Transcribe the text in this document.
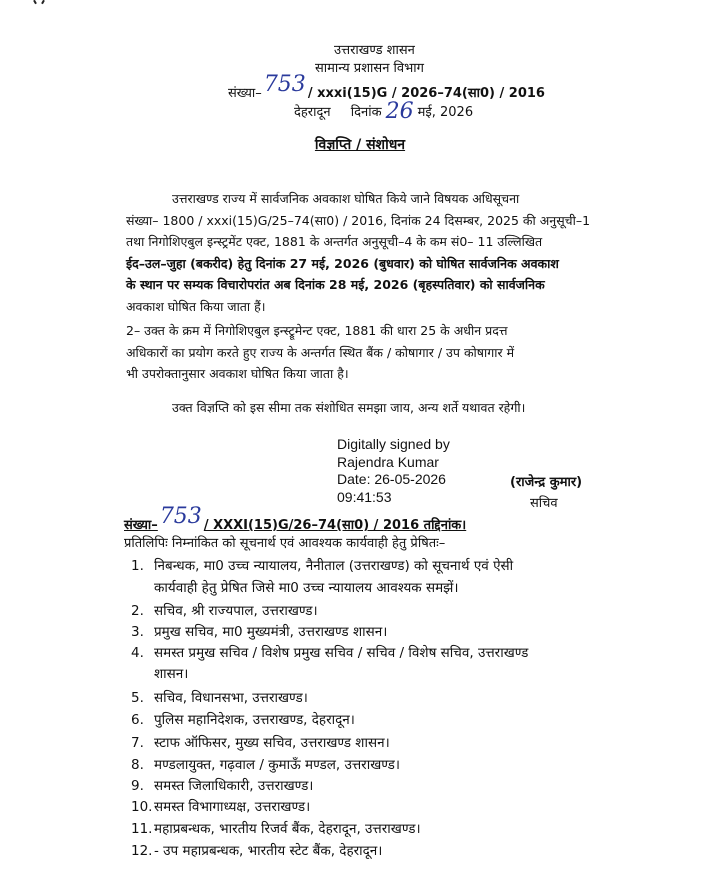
उत्तराखण्ड शासन
सामान्य प्रशासन विभाग
संख्या–753 / xxxi(15)G / 2026–74(सा0) / 2016
देहरादून दिनांक 26 मई, 2026
विज्ञप्ति / संशोधन

उत्तराखण्ड राज्य में सार्वजनिक अवकाश घोषित किये जाने विषयक अधिसूचना

संख्या– 1800 / xxxi(15)G/25–74(सा0) / 2016, दिनांक 24 दिसम्बर, 2025 की अनुसूची–1

तथा निगोशिएबुल इन्स्ट्रमेंट एक्ट, 1881 के अन्तर्गत अनुसूची–4 के कम सं0– 11 उल्लिखित

ईद–उल–जुहा (बकरीद) हेतु दिनांक 27 मई, 2026 (बुधवार) को घोषित सार्वजनिक अवकाश

के स्थान पर सम्यक विचारोपरांत अब दिनांक 28 मई, 2026 (बृहस्पतिवार) को सार्वजनिक

अवकाश घोषित किया जाता हैं।

2– उक्त के क्रम में निगोशिएबुल इन्स्ट्रूमेन्ट एक्ट, 1881 की धारा 25 के अधीन प्रदत्त

अधिकारों का प्रयोग करते हुए राज्य के अन्तर्गत स्थित बैंक / कोषागार / उप कोषागार में

भी उपरोक्तानुसार अवकाश घोषित किया जाता है।

उक्त विज्ञप्ति को इस सीमा तक संशोधित समझा जाय, अन्य शर्ते यथावत रहेगी।
Digitally signed by
Rajendra Kumar
Date: 26-05-2026
09:41:53
(राजेन्द्र कुमार)
सचिव
संख्या–753 / XXXI(15)G/26–74(सा0) / 2016 तद्दिनांक।
प्रतिलिपिः निम्नांकित को सूचनार्थ एवं आवश्यक कार्यवाही हेतु प्रेषितः–
1. निबन्धक, मा0 उच्च न्यायालय, नैनीताल (उत्तराखण्ड) को सूचनार्थ एवं ऐसी
कार्यवाही हेतु प्रेषित जिसे मा0 उच्च न्यायालय आवश्यक समझें।
2. सचिव, श्री राज्यपाल, उत्तराखण्ड।
3. प्रमुख सचिव, मा0 मुख्यमंत्री, उत्तराखण्ड शासन।
4. समस्त प्रमुख सचिव / विशेष प्रमुख सचिव / सचिव / विशेष सचिव, उत्तराखण्ड
शासन।
5. सचिव, विधानसभा, उत्तराखण्ड।
6. पुलिस महानिदेशक, उत्तराखण्ड, देहरादून।
7. स्टाफ ऑफिसर, मुख्य सचिव, उत्तराखण्ड शासन।
8. मण्डलायुक्त, गढ़वाल / कुमाऊँ मण्डल, उत्तराखण्ड।
9. समस्त जिलाधिकारी, उत्तराखण्ड।
10. समस्त विभागाध्यक्ष, उत्तराखण्ड।
11. महाप्रबन्धक, भारतीय रिजर्व बैंक, देहरादून, उत्तराखण्ड।
12. - उप महाप्रबन्धक, भारतीय स्टेट बैंक, देहरादून।
